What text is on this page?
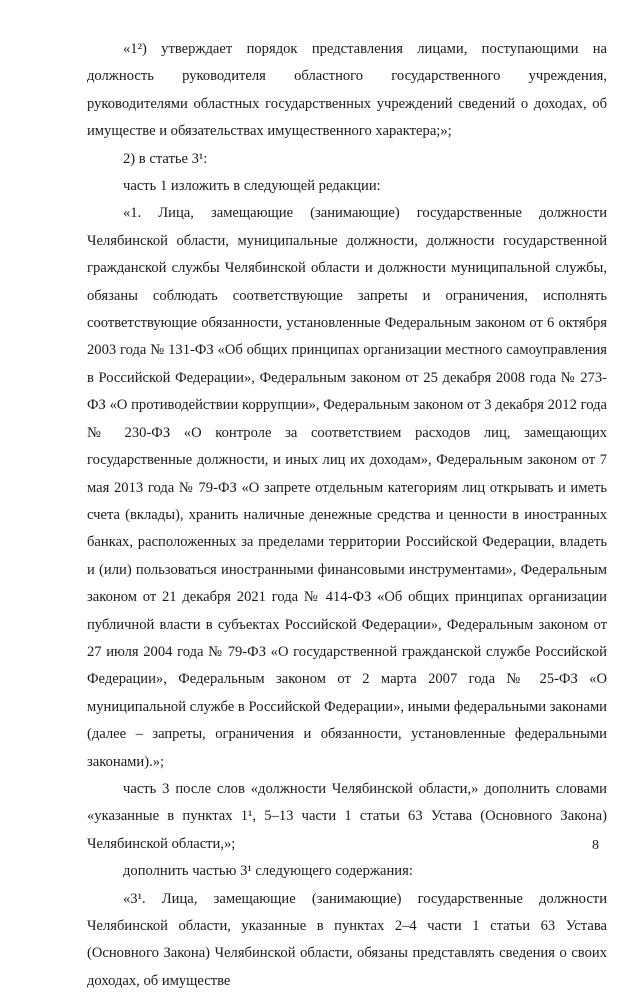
«1²) утверждает порядок представления лицами, поступающими на должность руководителя областного государственного учреждения, руководителями областных государственных учреждений сведений о доходах, об имуществе и обязательствах имущественного характера;»;

2) в статье 3¹:

часть 1 изложить в следующей редакции:

«1. Лица, замещающие (занимающие) государственные должности Челябинской области, муниципальные должности, должности государственной гражданской службы Челябинской области и должности муниципальной службы, обязаны соблюдать соответствующие запреты и ограничения, исполнять соответствующие обязанности, установленные Федеральным законом от 6 октября 2003 года № 131-ФЗ «Об общих принципах организации местного самоуправления в Российской Федерации», Федеральным законом от 25 декабря 2008 года № 273-ФЗ «О противодействии коррупции», Федеральным законом от 3 декабря 2012 года № 230-ФЗ «О контроле за соответствием расходов лиц, замещающих государственные должности, и иных лиц их доходам», Федеральным законом от 7 мая 2013 года № 79-ФЗ «О запрете отдельным категориям лиц открывать и иметь счета (вклады), хранить наличные денежные средства и ценности в иностранных банках, расположенных за пределами территории Российской Федерации, владеть и (или) пользоваться иностранными финансовыми инструментами», Федеральным законом от 21 декабря 2021 года № 414-ФЗ «Об общих принципах организации публичной власти в субъектах Российской Федерации», Федеральным законом от 27 июля 2004 года № 79-ФЗ «О государственной гражданской службе Российской Федерации», Федеральным законом от 2 марта 2007 года № 25-ФЗ «О муниципальной службе в Российской Федерации», иными федеральными законами (далее – запреты, ограничения и обязанности, установленные федеральными законами).»;

часть 3 после слов «должности Челябинской области,» дополнить словами «указанные в пунктах 1¹, 5–13 части 1 статьи 63 Устава (Основного Закона) Челябинской области,»;

дополнить частью 3¹ следующего содержания:

«3¹. Лица, замещающие (занимающие) государственные должности Челябинской области, указанные в пунктах 2–4 части 1 статьи 63 Устава (Основного Закона) Челябинской области, обязаны представлять сведения о своих доходах, об имуществе

8
